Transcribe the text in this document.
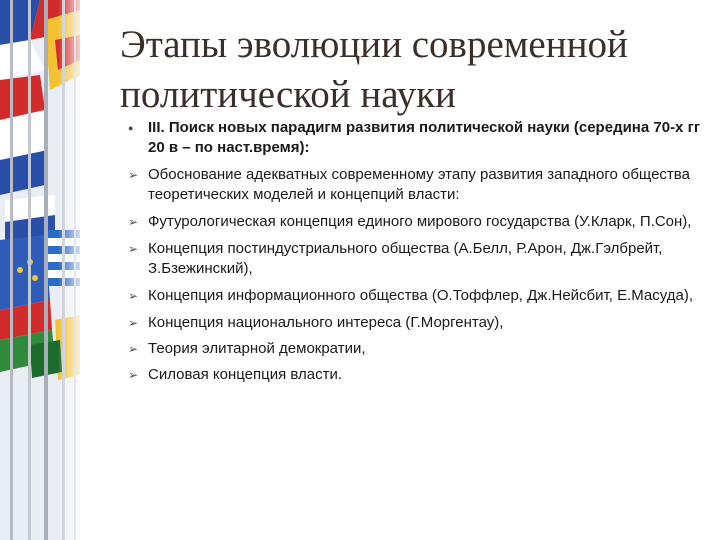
Этапы эволюции современной политической науки
● III. Поиск новых парадигм развития политической науки (середина 70-х гг 20 в – по наст.время):
➢ Обоснование адекватных современному этапу развития западного общества теоретических моделей и концепций власти:
➢ Футурологическая концепция единого мирового государства (У.Кларк, П.Сон),
➢ Концепция постиндустриального общества (А.Белл, Р.Арон, Дж.Гэлбрейт, З.Бзежинский),
➢ Концепция информационного общества (О.Тоффлер, Дж.Нейсбит, Е.Масуда),
➢ Концепция национального интереса (Г.Моргентау),
➢ Теория элитарной демократии,
➢ Силовая концепция власти.
